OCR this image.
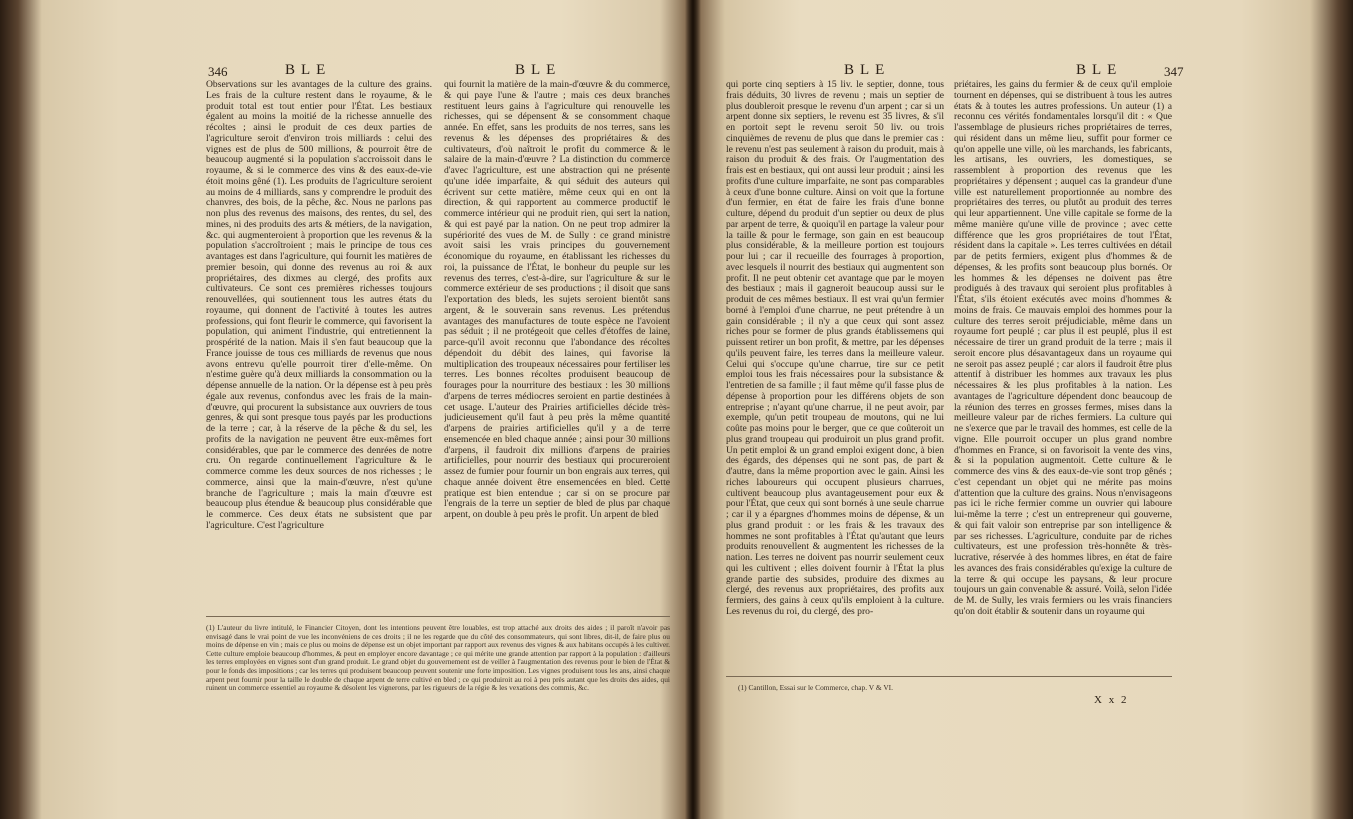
346	BLE	BLE

Observations sur les avantages de la culture des grains. Les frais de la culture restent dans le royaume, & le produit total est tout entier pour l'État. Les bestiaux égalent au moins la moitié de la richesse annuelle des récoltes ; ainsi le produit de ces deux parties de l'agriculture seroit d'environ trois milliards : celui des vignes est de plus de 500 millions, & pourroit être de beaucoup augmenté si la population s'accroissoit dans le royaume, & si le commerce des vins & des eaux-de-vie étoit moins gêné (1). Les produits de l'agriculture seroient au moins de 4 milliards, sans y comprendre le produit des chanvres, des bois, de la pêche, &c. Nous ne parlons pas non plus des revenus des maisons, des rentes, du sel, des mines, ni des produits des arts & métiers, de la navigation, &c. qui augmenteroient à proportion que les revenus & la population s'accroîtroient ; mais le principe de tous ces avantages est dans l'agriculture, qui fournit les matières de premier besoin, qui donne des revenus au roi & aux propriétaires, des dixmes au clergé, des profits aux cultivateurs. Ce sont ces premières richesses toujours renouvellées, qui soutiennent tous les autres états du royaume, qui donnent de l'activité à toutes les autres professions, qui font fleurir le commerce, qui favorisent la population, qui animent l'industrie, qui entretiennent la prospérité de la nation. Mais il s'en faut beaucoup que la France jouisse de tous ces milliards de revenus que nous avons entrevu qu'elle pourroit tirer d'elle-même. On n'estime guère qu'à deux milliards la consommation ou la dépense annuelle de la nation. Or la dépense est à peu près égale aux revenus, confondus avec les frais de la main-d'œuvre, qui procurent la subsistance aux ouvriers de tous genres, & qui sont presque tous payés par les productions de la terre ; car, à la réserve de la pêche & du sel, les profits de la navigation ne peuvent être eux-mêmes fort considérables, que par le commerce des denrées de notre cru. On regarde continuellement l'agriculture & le commerce comme les deux sources de nos richesses ; le commerce, ainsi que la main-d'œuvre, n'est qu'une branche de l'agriculture ; mais la main d'œuvre est beaucoup plus étendue & beaucoup plus considérable que le commerce. Ces deux états ne subsistent que par l'agriculture. C'est l'agriculture

qui fournit la matière de la main-d'œuvre & du commerce, & qui paye l'une & l'autre ; mais ces deux branches restituent leurs gains à l'agriculture qui renouvelle les richesses, qui se dépensent & se consomment chaque année. En effet, sans les produits de nos terres, sans les revenus & les dépenses des propriétaires & des cultivateurs, d'où naîtroit le profit du commerce & le salaire de la main-d'œuvre ? La distinction du commerce d'avec l'agriculture, est une abstraction qui ne présente qu'une idée imparfaite, & qui séduit des auteurs qui écrivent sur cette matière, même ceux qui en ont la direction, & qui rapportent au commerce productif le commerce intérieur qui ne produit rien, qui sert la nation, & qui est payé par la nation. On ne peut trop admirer la supériorité des vues de M. de Sully : ce grand ministre avoit saisi les vrais principes du gouvernement économique du royaume, en établissant les richesses du roi, la puissance de l'État, le bonheur du peuple sur les revenus des terres, c'est-à-dire, sur l'agriculture & sur le commerce extérieur de ses productions ; il disoit que sans l'exportation des bleds, les sujets seroient bientôt sans argent, & le souverain sans revenus. Les prétendus avantages des manufactures de toute espèce ne l'avoient pas séduit ; il ne protégeoit que celles d'étoffes de laine, parce-qu'il avoit reconnu que l'abondance des récoltes dépendoit du débit des laines, qui favorise la multiplication des troupeaux nécessaires pour fertiliser les terres. Les bonnes récoltes produisent beaucoup de fourages pour la nourriture des bestiaux : les 30 millions d'arpens de terres médiocres seroient en partie destinées à cet usage. L'auteur des Prairies artificielles décide très-judicieusement qu'il faut à peu près la même quantité d'arpens de prairies artificielles qu'il y a de terre ensemencée en bled chaque année ; ainsi pour 30 millions d'arpens, il faudroit dix millions d'arpens de prairies artificielles, pour nourrir des bestiaux qui procureroient assez de fumier pour fournir un bon engrais aux terres, qui chaque année doivent être ensemencées en bled. Cette pratique est bien entendue ; car si on se procure par l'engrais de la terre un septier de bled de plus par chaque arpent, on double à peu près le profit. Un arpent de bled

(1) L'auteur du livre intitulé, le Financier Citoyen, dont les intentions peuvent être louables, est trop attaché aux droits des aides ; il paroît n'avoir pas envisagé dans le vrai point de vue les inconvéniens de ces droits ; il ne les regarde que du côté des consommateurs, qui sont libres, dit-il, de faire plus ou moins de dépense en vin ; mais ce plus ou moins de dépense est un objet important par rapport aux revenus des vignes & aux habitans occupés à les cultiver. Cette culture emploie beaucoup d'hommes, & peut en employer encore davantage ; ce qui mérite une grande attention par rapport à la population : d'ailleurs les terres employées en vignes sont d'un grand produit. Le grand objet du gouvernement est de veiller à l'augmentation des revenus pour le bien de l'État & pour le fonds des impositions ; car les terres qui produisent beaucoup peuvent soutenir une forte imposition. Les vignes produisent tous les ans, ainsi chaque arpent peut fournir pour la taille le double de chaque arpent de terre cultivé en bled ; ce qui produiroit au roi à peu près autant que les droits des aides, qui ruinent un commerce essentiel au royaume & désolent les vignerons, par les rigueurs de la régie & les vexations des commis, &c.
BLE	BLE	347

qui porte cinq septiers à 15 liv. le septier, donne, tous frais déduits, 30 livres de revenu ; mais un septier de plus doubleroit presque le revenu d'un arpent ; car si un arpent donne six septiers, le revenu est 35 livres, & s'il en portoit sept le revenu seroit 50 liv. ou trois cinquièmes de revenu de plus que dans le premier cas : le revenu n'est pas seulement à raison du produit, mais à raison du produit & des frais. Or l'augmentation des frais est en bestiaux, qui ont aussi leur produit ; ainsi les profits d'une culture imparfaite, ne sont pas comparables à ceux d'une bonne culture. Ainsi on voit que la fortune d'un fermier, en état de faire les frais d'une bonne culture, dépend du produit d'un septier ou deux de plus par arpent de terre, & quoiqu'il en partage la valeur pour la taille & pour le fermage, son gain en est beaucoup plus considérable, & la meilleure portion est toujours pour lui ; car il recueille des fourrages à proportion, avec lesquels il nourrit des bestiaux qui augmentent son profit. Il ne peut obtenir cet avantage que par le moyen des bestiaux ; mais il gagneroit beaucoup aussi sur le produit de ces mêmes bestiaux. Il est vrai qu'un fermier borné à l'emploi d'une charrue, ne peut prétendre à un gain considérable ; il n'y a que ceux qui sont assez riches pour se former de plus grands établissemens qui puissent retirer un bon profit, & mettre, par les dépenses qu'ils peuvent faire, les terres dans la meilleure valeur. Celui qui s'occupe qu'une charrue, tire sur ce petit emploi tous les frais nécessaires pour la subsistance & l'entretien de sa famille ; il faut même qu'il fasse plus de dépense à proportion pour les différens objets de son entreprise ; n'ayant qu'une charrue, il ne peut avoir, par exemple, qu'un petit troupeau de moutons, qui ne lui coûte pas moins pour le berger, que ce que coûteroit un plus grand troupeau qui produiroit un plus grand profit. Un petit emploi & un grand emploi exigent donc, à bien des égards, des dépenses qui ne sont pas, de part & d'autre, dans la même proportion avec le gain. Ainsi les riches laboureurs qui occupent plusieurs charrues, cultivent beaucoup plus avantageusement pour eux & pour l'État, que ceux qui sont bornés à une seule charrue ; car il y a épargnes d'hommes moins de dépense, & un plus grand produit : or les frais & les travaux des hommes ne sont profitables à l'État qu'autant que leurs produits renouvellent & augmentent les richesses de la nation. Les terres ne doivent pas nourrir seulement ceux qui les cultivent ; elles doivent fournir à l'État la plus grande partie des subsides, produire des dixmes au clergé, des revenus aux propriétaires, des profits aux fermiers, des gains à ceux qu'ils emploient à la culture. Les revenus du roi, du clergé, des pro-

priétaires, les gains du fermier & de ceux qu'il emploie tournent en dépenses, qui se distribuent à tous les autres états & à toutes les autres professions. Un auteur (1) a reconnu ces vérités fondamentales lorsqu'il dit : « Que l'assemblage de plusieurs riches propriétaires de terres, qui résident dans un même lieu, suffit pour former ce qu'on appelle une ville, où les marchands, les fabricants, les artisans, les ouvriers, les domestiques, se rassemblent à proportion des revenus que les propriétaires y dépensent ; auquel cas la grandeur d'une ville est naturellement proportionnée au nombre des propriétaires des terres, ou plutôt au produit des terres qui leur appartiennent. Une ville capitale se forme de la même manière qu'une ville de province ; avec cette différence que les gros propriétaires de tout l'État, résident dans la capitale ». Les terres cultivées en détail par de petits fermiers, exigent plus d'hommes & de dépenses, & les profits sont beaucoup plus bornés. Or les hommes & les dépenses ne doivent pas être prodigués à des travaux qui seroient plus profitables à l'État, s'ils étoient exécutés avec moins d'hommes & moins de frais. Ce mauvais emploi des hommes pour la culture des terres seroit préjudiciable, même dans un royaume fort peuplé ; car plus il est peuplé, plus il est nécessaire de tirer un grand produit de la terre ; mais il seroit encore plus désavantageux dans un royaume qui ne seroit pas assez peuplé ; car alors il faudroit être plus attentif à distribuer les hommes aux travaux les plus nécessaires & les plus profitables à la nation. Les avantages de l'agriculture dépendent donc beaucoup de la réunion des terres en grosses fermes, mises dans la meilleure valeur par de riches fermiers. La culture qui ne s'exerce que par le travail des hommes, est celle de la vigne. Elle pourroit occuper un plus grand nombre d'hommes en France, si on favorisoit la vente des vins, & si la population augmentoit. Cette culture & le commerce des vins & des eaux-de-vie sont trop gênés ; c'est cependant un objet qui ne mérite pas moins d'attention que la culture des grains. Nous n'envisageons pas ici le riche fermier comme un ouvrier qui laboure lui-même la terre ; c'est un entrepreneur qui gouverne, & qui fait valoir son entreprise par son intelligence & par ses richesses. L'agriculture, conduite par de riches cultivateurs, est une profession très-honnête & très-lucrative, réservée à des hommes libres, en état de faire les avances des frais considérables qu'exige la culture de la terre & qui occupe les paysans, & leur procure toujours un gain convenable & assuré. Voilà, selon l'idée de M. de Sully, les vrais fermiers ou les vrais financiers qu'on doit établir & soutenir dans un royaume qui

(1) Cantillon, Essai sur le Commerce, chap. V & VI.
X x 2
